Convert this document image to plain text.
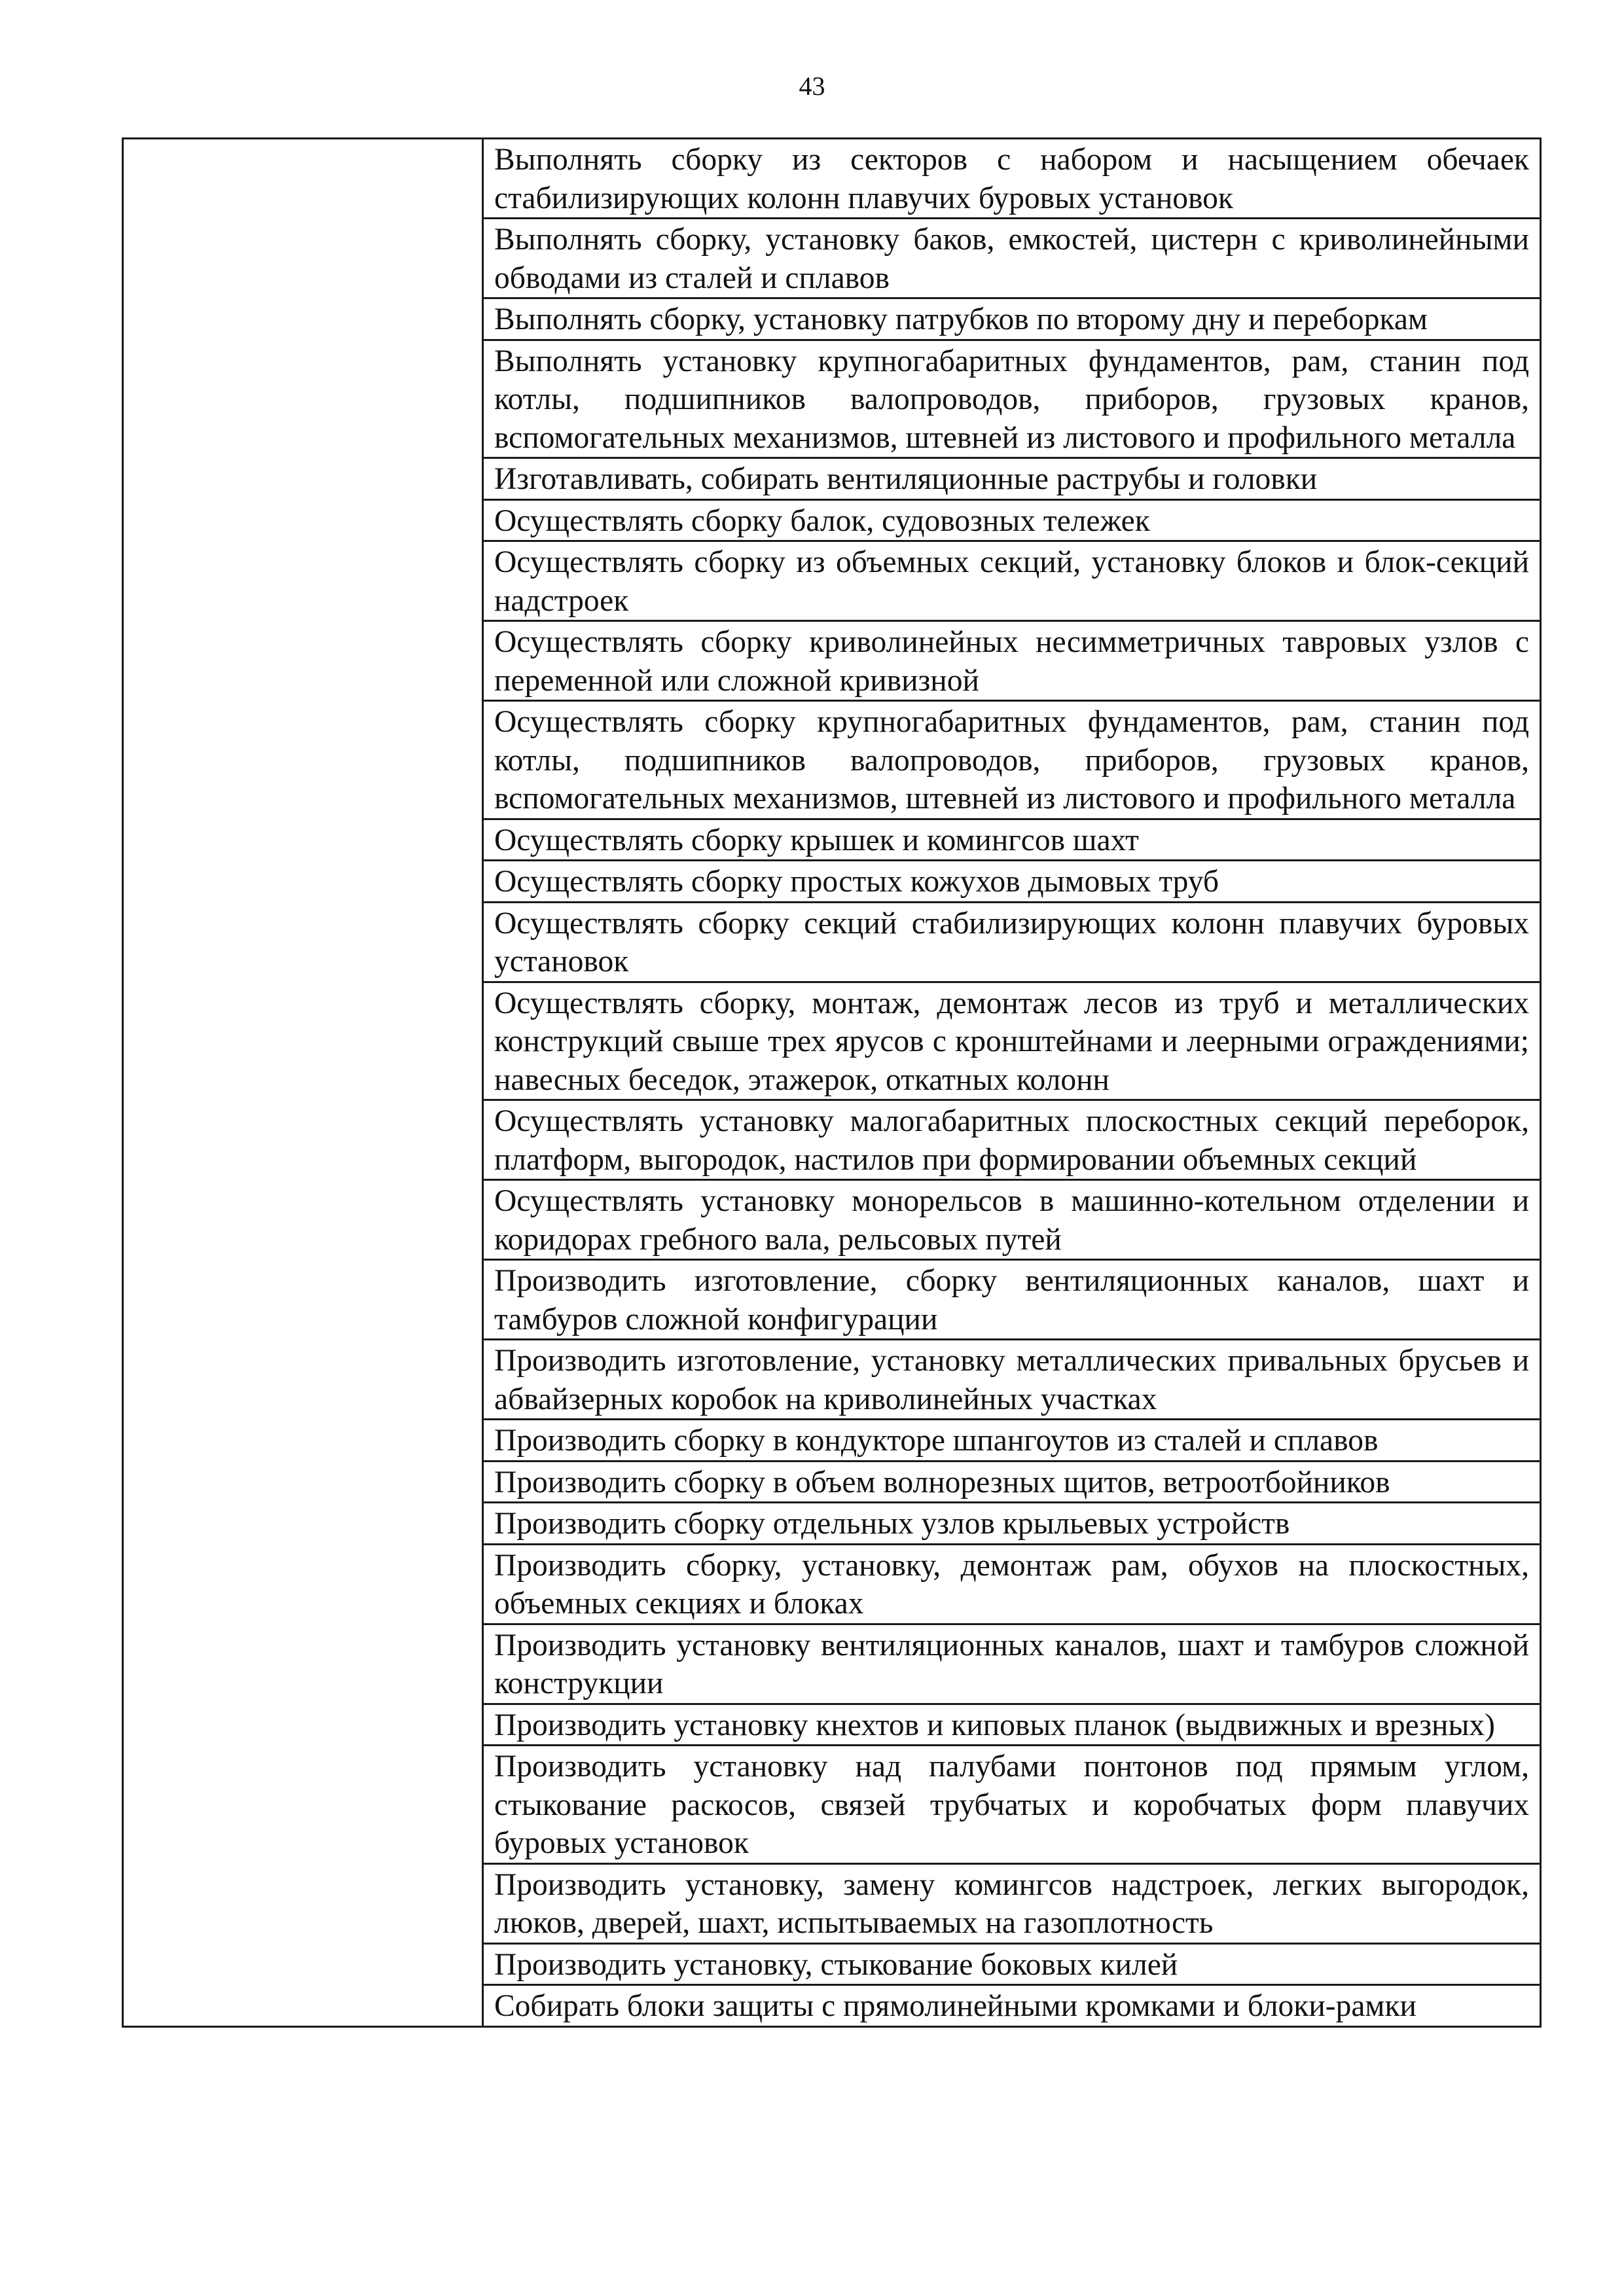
43

Выполнять сборку из секторов с набором и насыщением обечаек стабилизирующих колонн плавучих буровых установок

Выполнять сборку, установку баков, емкостей, цистерн с криволинейными обводами из сталей и сплавов

Выполнять сборку, установку патрубков по второму дну и переборкам

Выполнять установку крупногабаритных фундаментов, рам, станин под котлы, подшипников валопроводов, приборов, грузовых кранов, вспомогательных механизмов, штевней из листового и профильного металла

Изготавливать, собирать вентиляционные раструбы и головки

Осуществлять сборку балок, судовозных тележек

Осуществлять сборку из объемных секций, установку блоков и блок-секций надстроек

Осуществлять сборку криволинейных несимметричных тавровых узлов с переменной или сложной кривизной

Осуществлять сборку крупногабаритных фундаментов, рам, станин под котлы, подшипников валопроводов, приборов, грузовых кранов, вспомогательных механизмов, штевней из листового и профильного металла

Осуществлять сборку крышек и комингсов шахт

Осуществлять сборку простых кожухов дымовых труб

Осуществлять сборку секций стабилизирующих колонн плавучих буровых установок

Осуществлять сборку, монтаж, демонтаж лесов из труб и металлических конструкций свыше трех ярусов с кронштейнами и леерными ограждениями; навесных беседок, этажерок, откатных колонн

Осуществлять установку малогабаритных плоскостных секций переборок, платформ, выгородок, настилов при формировании объемных секций

Осуществлять установку монорельсов в машинно-котельном отделении и коридорах гребного вала, рельсовых путей

Производить изготовление, сборку вентиляционных каналов, шахт и тамбуров сложной конфигурации

Производить изготовление, установку металлических привальных брусьев и абвайзерных коробок на криволинейных участках

Производить сборку в кондукторе шпангоутов из сталей и сплавов

Производить сборку в объем волнорезных щитов, ветроотбойников

Производить сборку отдельных узлов крыльевых устройств

Производить сборку, установку, демонтаж рам, обухов на плоскостных, объемных секциях и блоках

Производить установку вентиляционных каналов, шахт и тамбуров сложной конструкции

Производить установку кнехтов и киповых планок (выдвижных и врезных)

Производить установку над палубами понтонов под прямым углом, стыкование раскосов, связей трубчатых и коробчатых форм плавучих буровых установок

Производить установку, замену комингсов надстроек, легких выгородок, люков, дверей, шахт, испытываемых на газоплотность

Производить установку, стыкование боковых килей

Собирать блоки защиты с прямолинейными кромками и блоки-рамки
